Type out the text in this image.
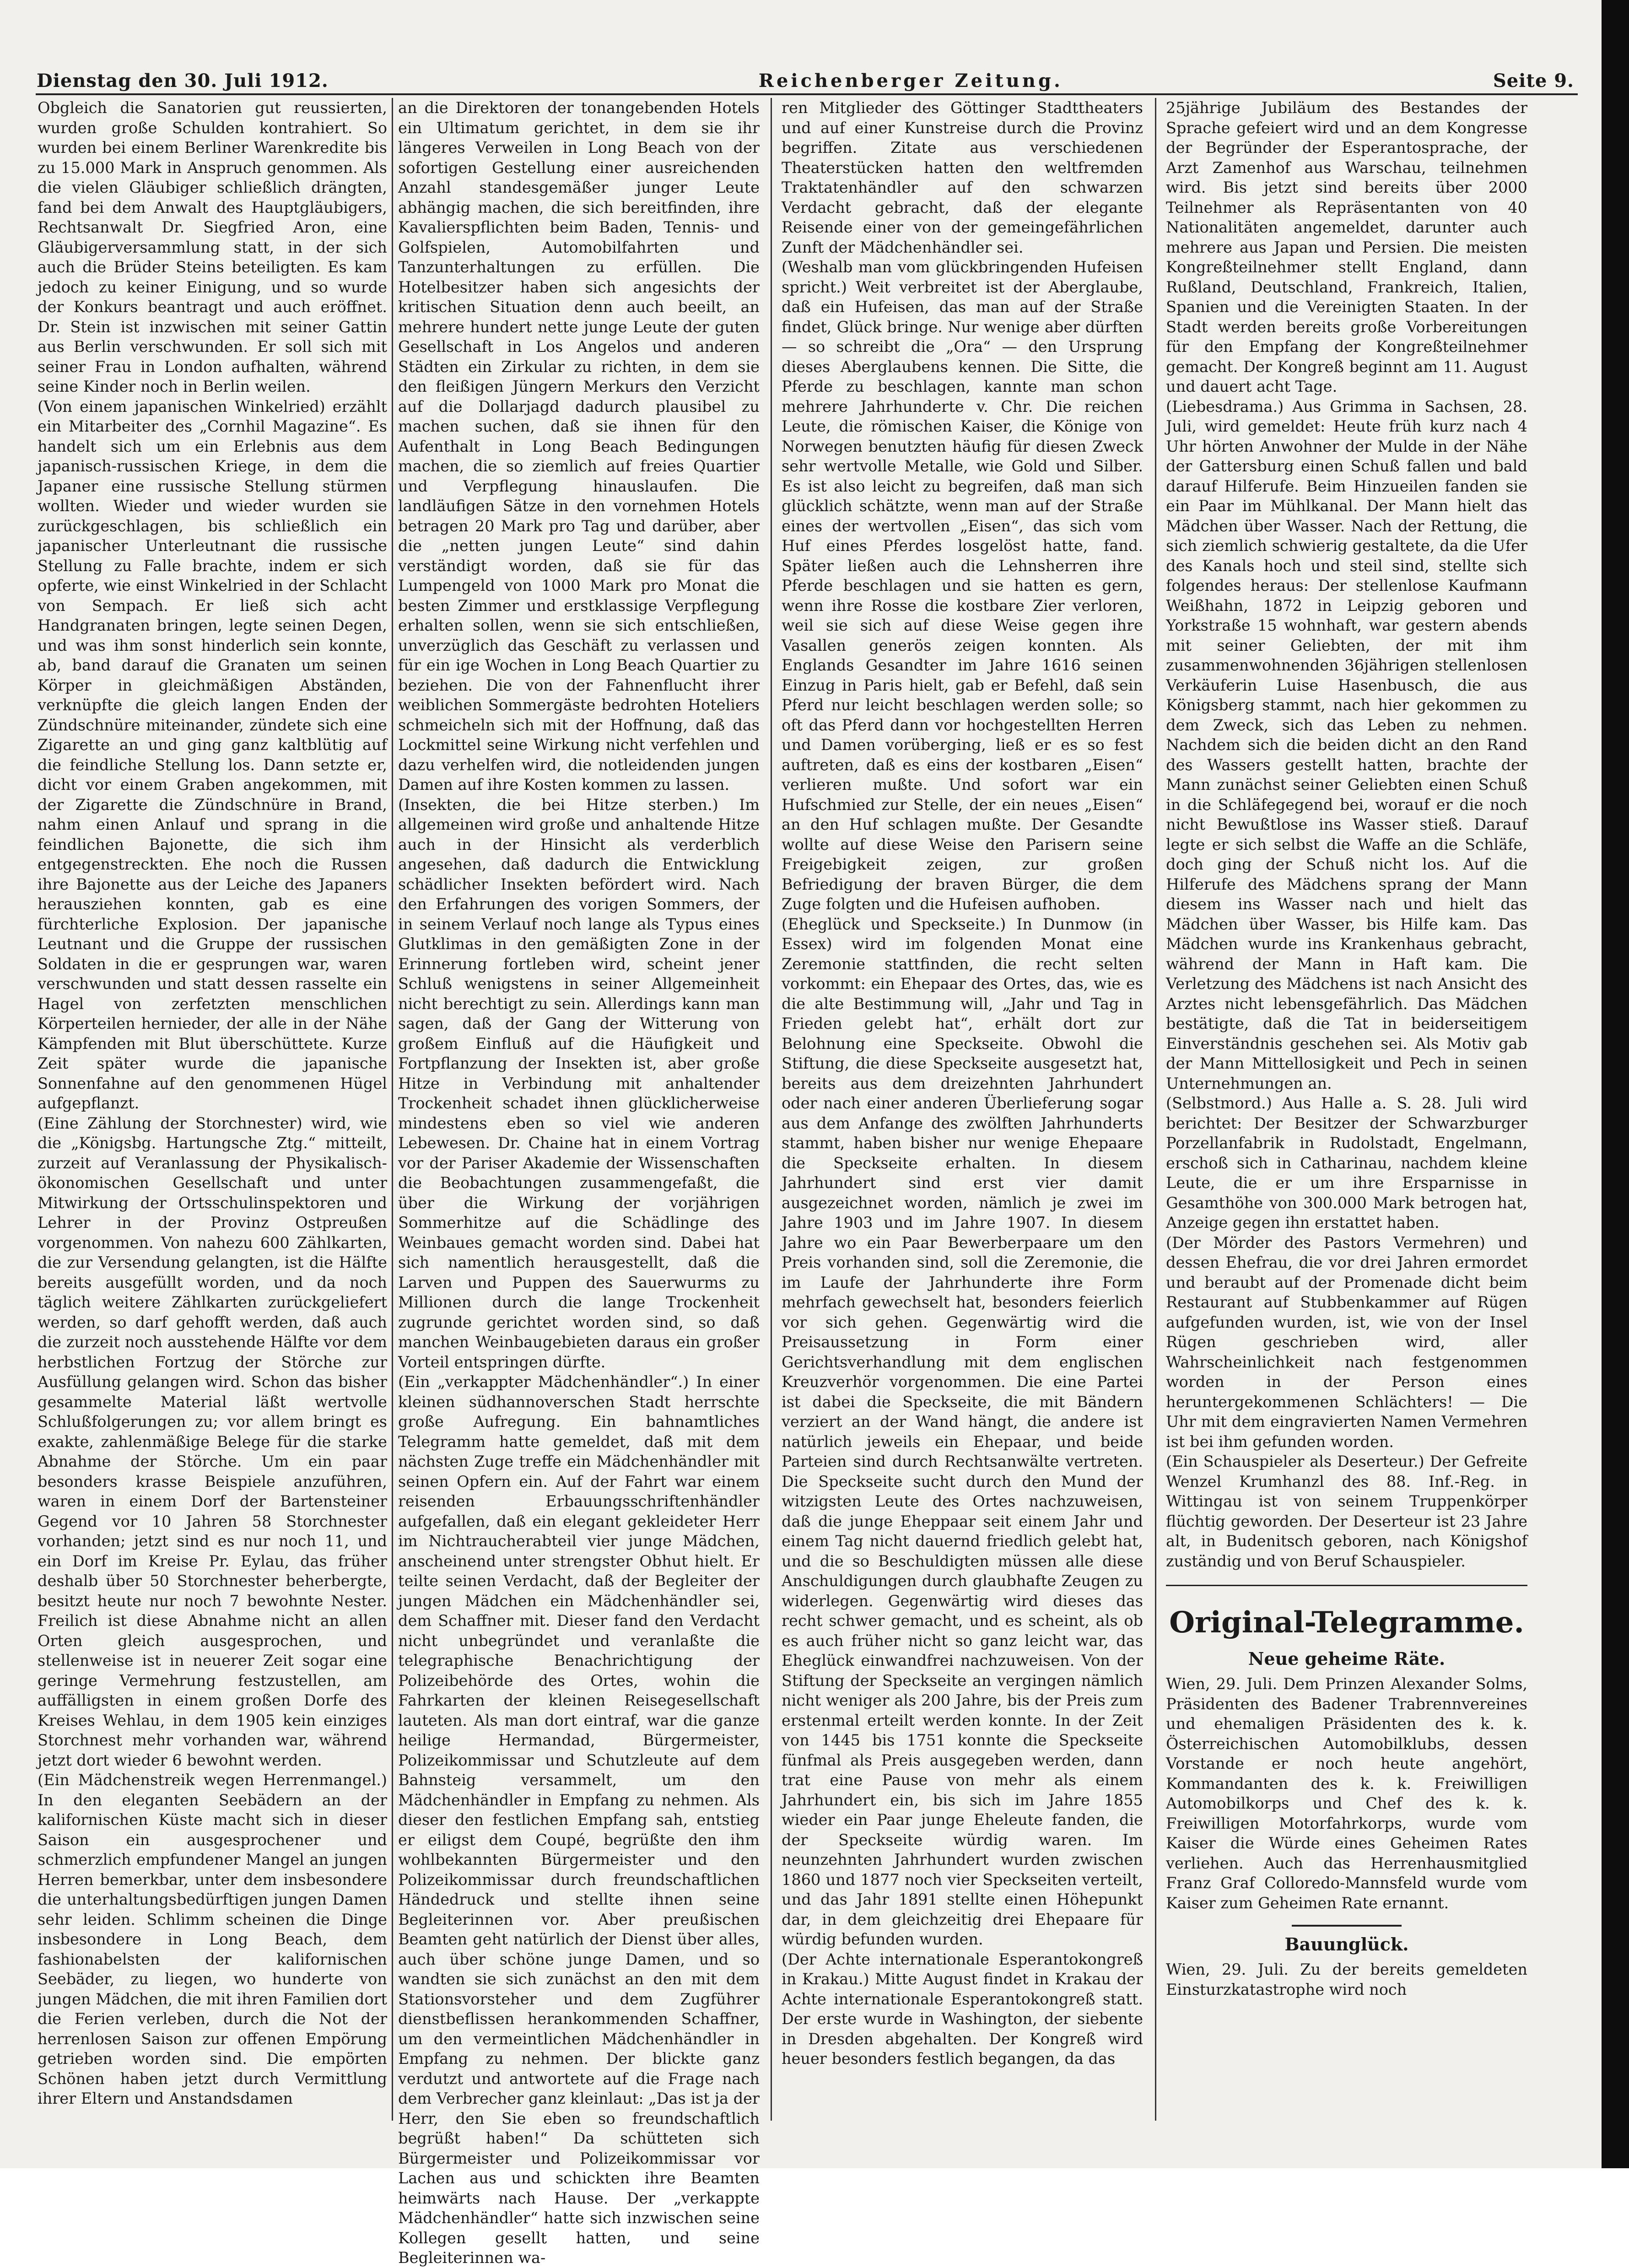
Dienstag den 30. Juli 1912.	Reichenberger Zeitung.	Seite 9.

Obgleich die Sanatorien gut reussierten, wurden große Schulden kontrahiert. So wurden bei einem Berliner Warenkredite bis zu 15.000 Mark in Anspruch genommen. Als die vielen Gläubiger schließlich drängten, fand bei dem Anwalt des Hauptgläubigers, Rechtsanwalt Dr. Siegfried Aron, eine Gläubigerversammlung statt, in der sich auch die Brüder Steins beteiligten. Es kam jedoch zu keiner Einigung, und so wurde der Konkurs beantragt und auch eröffnet. Dr. Stein ist inzwischen mit seiner Gattin aus Berlin verschwunden. Er soll sich mit seiner Frau in London aufhalten, während seine Kinder noch in Berlin weilen.

(Von einem japanischen Winkelried) erzählt ein Mitarbeiter des „Cornhil Magazine“. Es handelt sich um ein Erlebnis aus dem japanisch-russischen Kriege, in dem die Japaner eine russische Stellung stürmen wollten. Wieder und wieder wurden sie zurückgeschlagen, bis schließlich ein japanischer Unterleutnant die russische Stellung zu Falle brachte, indem er sich opferte, wie einst Winkelried in der Schlacht von Sempach. Er ließ sich acht Handgranaten bringen, legte seinen Degen, und was ihm sonst hinderlich sein konnte, ab, band darauf die Granaten um seinen Körper in gleichmäßigen Abständen, verknüpfte die gleich langen Enden der Zündschnüre miteinander, zündete sich eine Zigarette an und ging ganz kaltblütig auf die feindliche Stellung los. Dann setzte er, dicht vor einem Graben angekommen, mit der Zigarette die Zündschnüre in Brand, nahm einen Anlauf und sprang in die feindlichen Bajonette, die sich ihm entgegenstreckten. Ehe noch die Russen ihre Bajonette aus der Leiche des Japaners herausziehen konnten, gab es eine fürchterliche Explosion. Der japanische Leutnant und die Gruppe der russischen Soldaten in die er gesprungen war, waren verschwunden und statt dessen rasselte ein Hagel von zerfetzten menschlichen Körperteilen hernieder, der alle in der Nähe Kämpfenden mit Blut überschüttete. Kurze Zeit später wurde die japanische Sonnenfahne auf den genommenen Hügel aufgepflanzt.

(Eine Zählung der Storchnester) wird, wie die „Königsbg. Hartungsche Ztg.“ mitteilt, zurzeit auf Veranlassung der Physikalisch-ökonomischen Gesellschaft und unter Mitwirkung der Ortsschulinspektoren und Lehrer in der Provinz Ostpreußen vorgenommen. Von nahezu 600 Zählkarten, die zur Versendung gelangten, ist die Hälfte bereits ausgefüllt worden, und da noch täglich weitere Zählkarten zurückgeliefert werden, so darf gehofft werden, daß auch die zurzeit noch ausstehende Hälfte vor dem herbstlichen Fortzug der Störche zur Ausfüllung gelangen wird. Schon das bisher gesammelte Material läßt wertvolle Schlußfolgerungen zu; vor allem bringt es exakte, zahlenmäßige Belege für die starke Abnahme der Störche. Um ein paar besonders krasse Beispiele anzuführen, waren in einem Dorf der Bartensteiner Gegend vor 10 Jahren 58 Storchnester vorhanden; jetzt sind es nur noch 11, und ein Dorf im Kreise Pr. Eylau, das früher deshalb über 50 Storchnester beherbergte, besitzt heute nur noch 7 bewohnte Nester. Freilich ist diese Abnahme nicht an allen Orten gleich ausgesprochen, und stellenweise ist in neuerer Zeit sogar eine geringe Vermehrung festzustellen, am auffälligsten in einem großen Dorfe des Kreises Wehlau, in dem 1905 kein einziges Storchnest mehr vorhanden war, während jetzt dort wieder 6 bewohnt werden.

(Ein Mädchenstreik wegen Herrenmangel.) In den eleganten Seebädern an der kalifornischen Küste macht sich in dieser Saison ein ausgesprochener und schmerzlich empfundener Mangel an jungen Herren bemerkbar, unter dem insbesondere die unterhaltungsbedürftigen jungen Damen sehr leiden. Schlimm scheinen die Dinge insbesondere in Long Beach, dem fashionabelsten der kalifornischen Seebäder, zu liegen, wo hunderte von jungen Mädchen, die mit ihren Familien dort die Ferien verleben, durch die Not der herrenlosen Saison zur offenen Empörung getrieben worden sind. Die empörten Schönen haben jetzt durch Vermittlung ihrer Eltern und Anstandsdamen

an die Direktoren der tonangebenden Hotels ein Ultimatum gerichtet, in dem sie ihr längeres Verweilen in Long Beach von der sofortigen Gestellung einer ausreichenden Anzahl standesgemäßer junger Leute abhängig machen, die sich bereitfinden, ihre Kavalierspflichten beim Baden, Tennis- und Golfspielen, Automobilfahrten und Tanzunterhaltungen zu erfüllen. Die Hotelbesitzer haben sich angesichts der kritischen Situation denn auch beeilt, an mehrere hundert nette junge Leute der guten Gesellschaft in Los Angelos und anderen Städten ein Zirkular zu richten, in dem sie den fleißigen Jüngern Merkurs den Verzicht auf die Dollarjagd dadurch plausibel zu machen suchen, daß sie ihnen für den Aufenthalt in Long Beach Bedingungen machen, die so ziemlich auf freies Quartier und Verpflegung hinauslaufen. Die landläufigen Sätze in den vornehmen Hotels betragen 20 Mark pro Tag und darüber, aber die „netten jungen Leute“ sind dahin verständigt worden, daß sie für das Lumpengeld von 1000 Mark pro Monat die besten Zimmer und erstklassige Verpflegung erhalten sollen, wenn sie sich entschließen, unverzüglich das Geschäft zu verlassen und für ein ige Wochen in Long Beach Quartier zu beziehen. Die von der Fahnenflucht ihrer weiblichen Sommergäste bedrohten Hoteliers schmeicheln sich mit der Hoffnung, daß das Lockmittel seine Wirkung nicht verfehlen und dazu verhelfen wird, die notleidenden jungen Damen auf ihre Kosten kommen zu lassen.

(Insekten, die bei Hitze sterben.) Im allgemeinen wird große und anhaltende Hitze auch in der Hinsicht als verderblich angesehen, daß dadurch die Entwicklung schädlicher Insekten befördert wird. Nach den Erfahrungen des vorigen Sommers, der in seinem Verlauf noch lange als Typus eines Glutklimas in den gemäßigten Zone in der Erinnerung fortleben wird, scheint jener Schluß wenigstens in seiner Allgemeinheit nicht berechtigt zu sein. Allerdings kann man sagen, daß der Gang der Witterung von großem Einfluß auf die Häufigkeit und Fortpflanzung der Insekten ist, aber große Hitze in Verbindung mit anhaltender Trockenheit schadet ihnen glücklicherweise mindestens eben so viel wie anderen Lebewesen. Dr. Chaine hat in einem Vortrag vor der Pariser Akademie der Wissenschaften die Beobachtungen zusammengefaßt, die über die Wirkung der vorjährigen Sommerhitze auf die Schädlinge des Weinbaues gemacht worden sind. Dabei hat sich namentlich herausgestellt, daß die Larven und Puppen des Sauerwurms zu Millionen durch die lange Trockenheit zugrunde gerichtet worden sind, so daß manchen Weinbaugebieten daraus ein großer Vorteil entspringen dürfte.

(Ein „verkappter Mädchenhändler“.) In einer kleinen südhannoverschen Stadt herrschte große Aufregung. Ein bahnamtliches Telegramm hatte gemeldet, daß mit dem nächsten Zuge treffe ein Mädchenhändler mit seinen Opfern ein. Auf der Fahrt war einem reisenden Erbauungsschriftenhändler aufgefallen, daß ein elegant gekleideter Herr im Nichtraucherabteil vier junge Mädchen, anscheinend unter strengster Obhut hielt. Er teilte seinen Verdacht, daß der Begleiter der jungen Mädchen ein Mädchenhändler sei, dem Schaffner mit. Dieser fand den Verdacht nicht unbegründet und veranlaßte die telegraphische Benachrichtigung der Polizeibehörde des Ortes, wohin die Fahrkarten der kleinen Reisegesellschaft lauteten. Als man dort eintraf, war die ganze heilige Hermandad, Bürgermeister, Polizeikommissar und Schutzleute auf dem Bahnsteig versammelt, um den Mädchenhändler in Empfang zu nehmen. Als dieser den festlichen Empfang sah, entstieg er eiligst dem Coupé, begrüßte den ihm wohlbekannten Bürgermeister und den Polizeikommissar durch freundschaftlichen Händedruck und stellte ihnen seine Begleiterinnen vor. Aber preußischen Beamten geht natürlich der Dienst über alles, auch über schöne junge Damen, und so wandten sie sich zunächst an den mit dem Stationsvorsteher und dem Zugführer dienstbeflissen herankommenden Schaffner, um den vermeintlichen Mädchenhändler in Empfang zu nehmen. Der blickte ganz verdutzt und antwortete auf die Frage nach dem Verbrecher ganz kleinlaut: „Das ist ja der Herr, den Sie eben so freundschaftlich begrüßt haben!“ Da schütteten sich Bürgermeister und Polizeikommissar vor Lachen aus und schickten ihre Beamten heimwärts nach Hause. Der „verkappte Mädchenhändler“ hatte sich inzwischen seine Kollegen gesellt hatten, und seine Begleiterinnen wa-

ren Mitglieder des Göttinger Stadttheaters und auf einer Kunstreise durch die Provinz begriffen. Zitate aus verschiedenen Theaterstücken hatten den weltfremden Traktatenhändler auf den schwarzen Verdacht gebracht, daß der elegante Reisende einer von der gemeingefährlichen Zunft der Mädchenhändler sei.

(Weshalb man vom glückbringenden Hufeisen spricht.) Weit verbreitet ist der Aberglaube, daß ein Hufeisen, das man auf der Straße findet, Glück bringe. Nur wenige aber dürften — so schreibt die „Ora“ — den Ursprung dieses Aberglaubens kennen. Die Sitte, die Pferde zu beschlagen, kannte man schon mehrere Jahrhunderte v. Chr. Die reichen Leute, die römischen Kaiser, die Könige von Norwegen benutzten häufig für diesen Zweck sehr wertvolle Metalle, wie Gold und Silber. Es ist also leicht zu begreifen, daß man sich glücklich schätzte, wenn man auf der Straße eines der wertvollen „Eisen“, das sich vom Huf eines Pferdes losgelöst hatte, fand. Später ließen auch die Lehnsherren ihre Pferde beschlagen und sie hatten es gern, wenn ihre Rosse die kostbare Zier verloren, weil sie sich auf diese Weise gegen ihre Vasallen generös zeigen konnten. Als Englands Gesandter im Jahre 1616 seinen Einzug in Paris hielt, gab er Befehl, daß sein Pferd nur leicht beschlagen werden solle; so oft das Pferd dann vor hochgestellten Herren und Damen vorüberging, ließ er es so fest auftreten, daß es eins der kostbaren „Eisen“ verlieren mußte. Und sofort war ein Hufschmied zur Stelle, der ein neues „Eisen“ an den Huf schlagen mußte. Der Gesandte wollte auf diese Weise den Parisern seine Freigebigkeit zeigen, zur großen Befriedigung der braven Bürger, die dem Zuge folgten und die Hufeisen aufhoben.

(Eheglück und Speckseite.) In Dunmow (in Essex) wird im folgenden Monat eine Zeremonie stattfinden, die recht selten vorkommt: ein Ehepaar des Ortes, das, wie es die alte Bestimmung will, „Jahr und Tag in Frieden gelebt hat“, erhält dort zur Belohnung eine Speckseite. Obwohl die Stiftung, die diese Speckseite ausgesetzt hat, bereits aus dem dreizehnten Jahrhundert oder nach einer anderen Überlieferung sogar aus dem Anfange des zwölften Jahrhunderts stammt, haben bisher nur wenige Ehepaare die Speckseite erhalten. In diesem Jahrhundert sind erst vier damit ausgezeichnet worden, nämlich je zwei im Jahre 1903 und im Jahre 1907. In diesem Jahre wo ein Paar Bewerberpaare um den Preis vorhanden sind, soll die Zeremonie, die im Laufe der Jahrhunderte ihre Form mehrfach gewechselt hat, besonders feierlich vor sich gehen. Gegenwärtig wird die Preisaussetzung in Form einer Gerichtsverhandlung mit dem englischen Kreuzverhör vorgenommen. Die eine Partei ist dabei die Speckseite, die mit Bändern verziert an der Wand hängt, die andere ist natürlich jeweils ein Ehepaar, und beide Parteien sind durch Rechtsanwälte vertreten. Die Speckseite sucht durch den Mund der witzigsten Leute des Ortes nachzuweisen, daß die junge Eheppaar seit einem Jahr und einem Tag nicht dauernd friedlich gelebt hat, und die so Beschuldigten müssen alle diese Anschuldigungen durch glaubhafte Zeugen zu widerlegen. Gegenwärtig wird dieses das recht schwer gemacht, und es scheint, als ob es auch früher nicht so ganz leicht war, das Eheglück einwandfrei nachzuweisen. Von der Stiftung der Speckseite an vergingen nämlich nicht weniger als 200 Jahre, bis der Preis zum erstenmal erteilt werden konnte. In der Zeit von 1445 bis 1751 konnte die Speckseite fünfmal als Preis ausgegeben werden, dann trat eine Pause von mehr als einem Jahrhundert ein, bis sich im Jahre 1855 wieder ein Paar junge Eheleute fanden, die der Speckseite würdig waren. Im neunzehnten Jahrhundert wurden zwischen 1860 und 1877 noch vier Speckseiten verteilt, und das Jahr 1891 stellte einen Höhepunkt dar, in dem gleichzeitig drei Ehepaare für würdig befunden wurden.

(Der Achte internationale Esperantokongreß in Krakau.) Mitte August findet in Krakau der Achte internationale Esperantokongreß statt. Der erste wurde in Washington, der siebente in Dresden abgehalten. Der Kongreß wird heuer besonders festlich begangen, da das

25jährige Jubiläum des Bestandes der Sprache gefeiert wird und an dem Kongresse der Begründer der Esperantosprache, der Arzt Zamenhof aus Warschau, teilnehmen wird. Bis jetzt sind bereits über 2000 Teilnehmer als Repräsentanten von 40 Nationalitäten angemeldet, darunter auch mehrere aus Japan und Persien. Die meisten Kongreßteilnehmer stellt England, dann Rußland, Deutschland, Frankreich, Italien, Spanien und die Vereinigten Staaten. In der Stadt werden bereits große Vorbereitungen für den Empfang der Kongreßteilnehmer gemacht. Der Kongreß beginnt am 11. August und dauert acht Tage.

(Liebesdrama.) Aus Grimma in Sachsen, 28. Juli, wird gemeldet: Heute früh kurz nach 4 Uhr hörten Anwohner der Mulde in der Nähe der Gattersburg einen Schuß fallen und bald darauf Hilferufe. Beim Hinzueilen fanden sie ein Paar im Mühlkanal. Der Mann hielt das Mädchen über Wasser. Nach der Rettung, die sich ziemlich schwierig gestaltete, da die Ufer des Kanals hoch und steil sind, stellte sich folgendes heraus: Der stellenlose Kaufmann Weißhahn, 1872 in Leipzig geboren und Yorkstraße 15 wohnhaft, war gestern abends mit seiner Geliebten, der mit ihm zusammenwohnenden 36jährigen stellenlosen Verkäuferin Luise Hasenbusch, die aus Königsberg stammt, nach hier gekommen zu dem Zweck, sich das Leben zu nehmen. Nachdem sich die beiden dicht an den Rand des Wassers gestellt hatten, brachte der Mann zunächst seiner Geliebten einen Schuß in die Schläfegegend bei, worauf er die noch nicht Bewußtlose ins Wasser stieß. Darauf legte er sich selbst die Waffe an die Schläfe, doch ging der Schuß nicht los. Auf die Hilferufe des Mädchens sprang der Mann diesem ins Wasser nach und hielt das Mädchen über Wasser, bis Hilfe kam. Das Mädchen wurde ins Krankenhaus gebracht, während der Mann in Haft kam. Die Verletzung des Mädchens ist nach Ansicht des Arztes nicht lebensgefährlich. Das Mädchen bestätigte, daß die Tat in beiderseitigem Einverständnis geschehen sei. Als Motiv gab der Mann Mittellosigkeit und Pech in seinen Unternehmungen an.

(Selbstmord.) Aus Halle a. S. 28. Juli wird berichtet: Der Besitzer der Schwarzburger Porzellanfabrik in Rudolstadt, Engelmann, erschoß sich in Catharinau, nachdem kleine Leute, die er um ihre Ersparnisse in Gesamthöhe von 300.000 Mark betrogen hat, Anzeige gegen ihn erstattet haben.

(Der Mörder des Pastors Vermehren) und dessen Ehefrau, die vor drei Jahren ermordet und beraubt auf der Promenade dicht beim Restaurant auf Stubbenkammer auf Rügen aufgefunden wurden, ist, wie von der Insel Rügen geschrieben wird, aller Wahrscheinlichkeit nach festgenommen worden in der Person eines heruntergekommenen Schlächters! — Die Uhr mit dem eingravierten Namen Vermehren ist bei ihm gefunden worden.

(Ein Schauspieler als Deserteur.) Der Gefreite Wenzel Krumhanzl des 88. Inf.-Reg. in Wittingau ist von seinem Truppenkörper flüchtig geworden. Der Deserteur ist 23 Jahre alt, in Budenitsch geboren, nach Königshof zuständig und von Beruf Schauspieler.

Original-Telegramme.
Neue geheime Räte.

Wien, 29. Juli. Dem Prinzen Alexander Solms, Präsidenten des Badener Trabrennvereines und ehemaligen Präsidenten des k. k. Österreichischen Automobilklubs, dessen Vorstande er noch heute angehört, Kommandanten des k. k. Freiwilligen Automobilkorps und Chef des k. k. Freiwilligen Motorfahrkorps, wurde vom Kaiser die Würde eines Geheimen Rates verliehen. Auch das Herrenhausmitglied Franz Graf Colloredo-Mannsfeld wurde vom Kaiser zum Geheimen Rate ernannt.

Bauunglück.

Wien, 29. Juli. Zu der bereits gemeldeten Einsturzkatastrophe wird noch
